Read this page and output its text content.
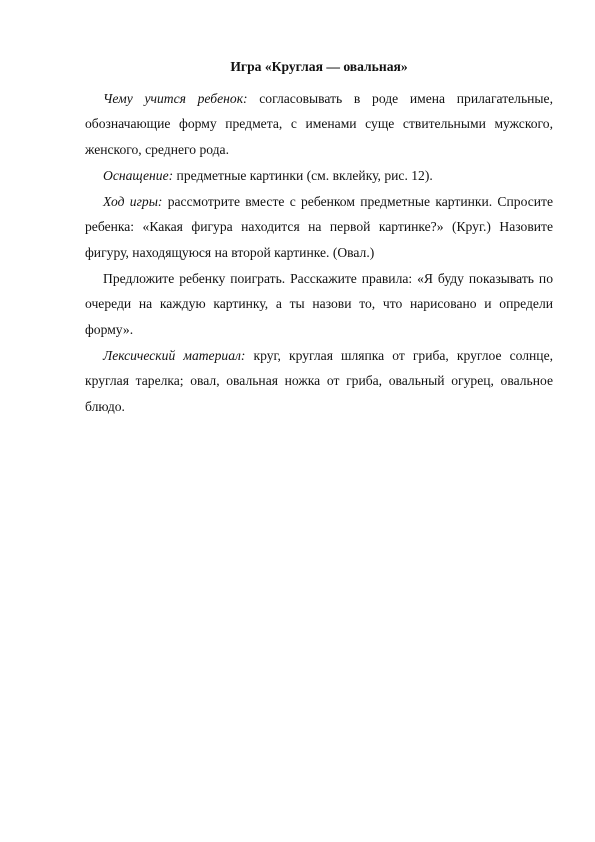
Игра «Круглая — овальная»

Чему учится ребенок: согласовывать в роде имена прилагательные, обозначающие форму предмета, с именами суще ствительными мужского, женского, среднего рода.

Оснащение: предметные картинки (см. вклейку, рис. 12).

Ход игры: рассмотрите вместе с ребенком предметные картинки. Спросите ребенка: «Какая фигура находится на первой картинке?» (Круг.) Назовите фигуру, находящуюся на второй картинке. (Овал.)

Предложите ребенку поиграть. Расскажите правила: «Я буду показывать по очереди на каждую картинку, а ты назови то, что нарисовано и определи форму».

Лексический материал: круг, круглая шляпка от гриба, круглое солнце, круглая тарелка; овал, овальная ножка от гриба, овальный огурец, овальное блюдо.
